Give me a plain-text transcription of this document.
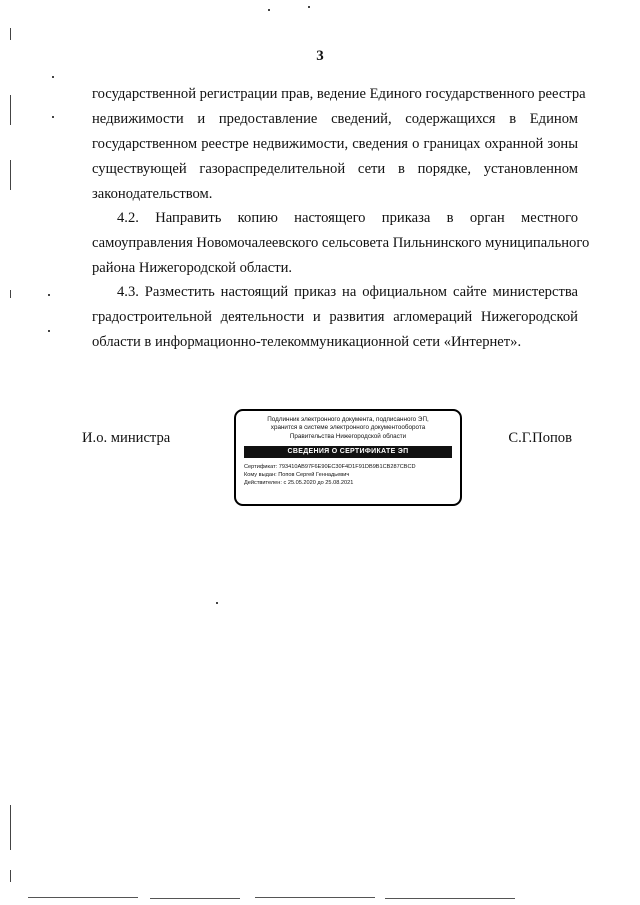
3
государственной регистрации прав, ведение Единого государственного реестра
недвижимости и предоставление сведений, содержащихся в Едином
государственном реестре недвижимости, сведения о границах охранной зоны
существующей газораспределительной сети в порядке, установленном
законодательством.
4.2. Направить копию настоящего приказа в орган местного
самоуправления Новомочалеевского сельсовета Пильнинского муниципального
района Нижегородской области.
4.3. Разместить настоящий приказ на официальном сайте министерства
градостроительной деятельности и развития агломераций Нижегородской
области в информационно-телекоммуникационной сети «Интернет».
И.о. министра	С.Г.Попов
Подлинник электронного документа, подписанного ЭП,
хранится в системе электронного документооборота
Правительства Нижегородской области
СВЕДЕНИЯ О СЕРТИФИКАТЕ ЭП
Сертификат: 793410AB97F6E90EC30F4D1F91DB9B1CB287CBCD
Кому выдан: Попов Сергей Геннадьевич
Действителен: с 25.05.2020 до 25.08.2021
